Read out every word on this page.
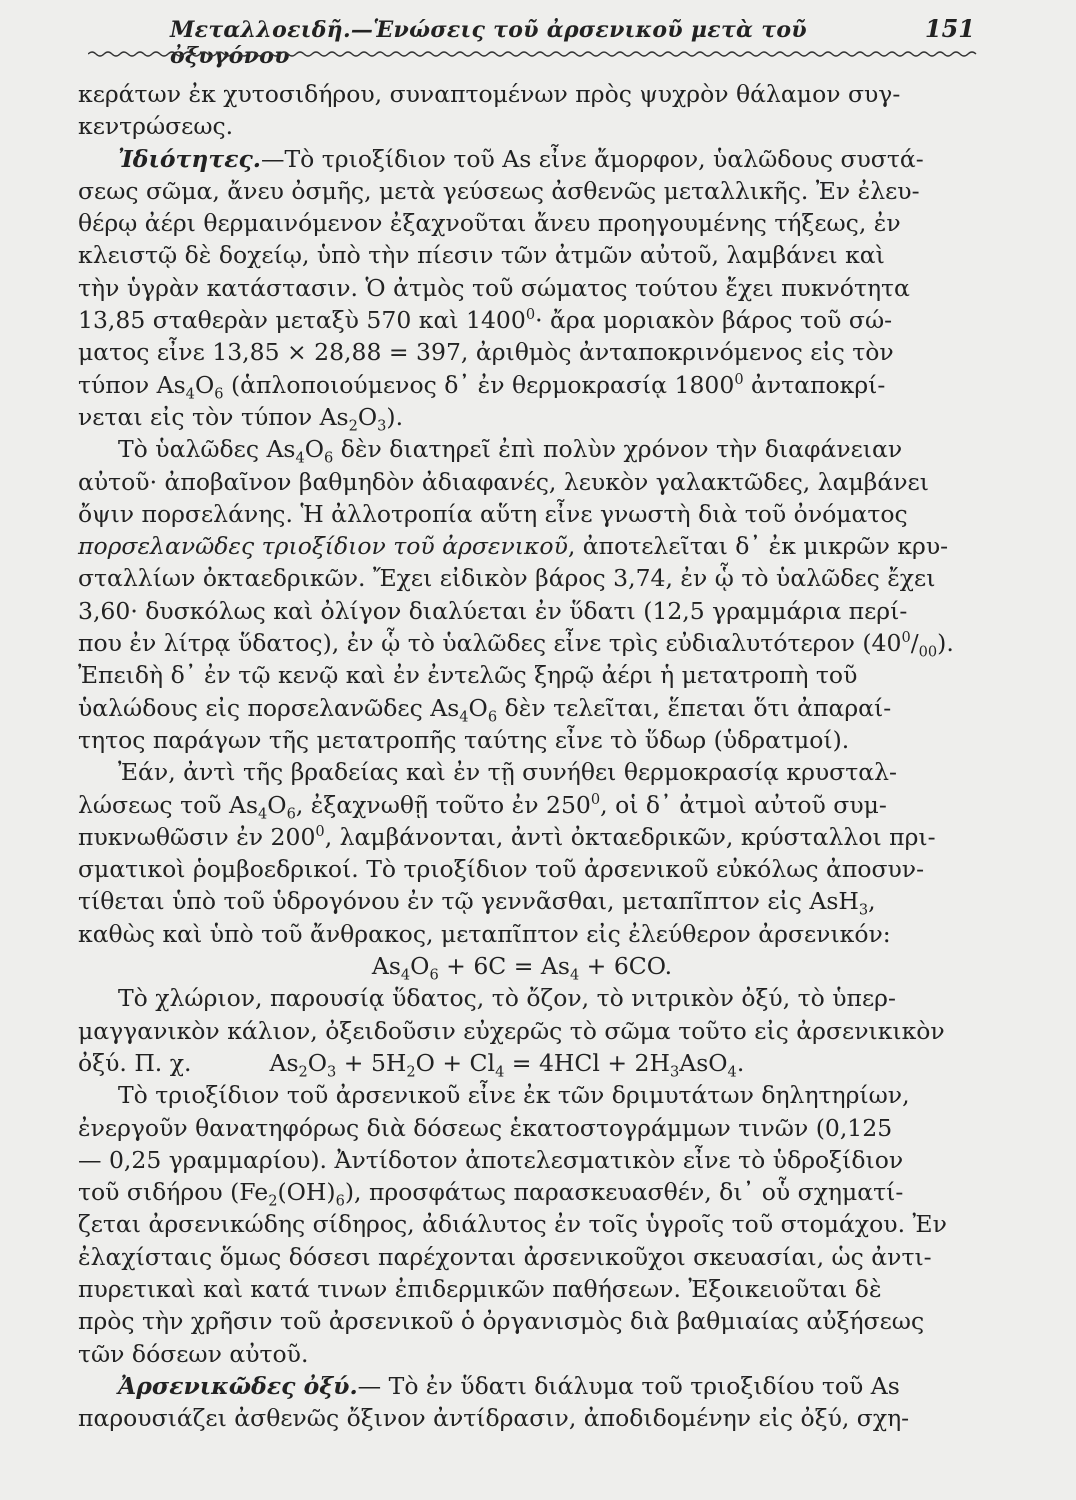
Μεταλλοειδῆ.—Ἑνώσεις τοῦ ἀρσενικοῦ μετὰ τοῦ ὀξυγόνου
151
κεράτων ἐκ χυτοσιδήρου, συναπτομένων πρὸς ψυχρὸν θάλαμον συγ-
κεντρώσεως.
Ἰδιότητες.—Τὸ τριοξίδιον τοῦ As εἶνε ἄμορφον, ὑαλῶδους συστά-
σεως σῶμα, ἄνευ ὀσμῆς, μετὰ γεύσεως ἀσθενῶς μεταλλικῆς. Ἐν ἐλευ-
θέρῳ ἀέρι θερμαινόμενον ἐξαχνοῦται ἄνευ προηγουμένης τήξεως, ἐν
κλειστῷ δὲ δοχείῳ, ὑπὸ τὴν πίεσιν τῶν ἀτμῶν αὐτοῦ, λαμβάνει καὶ
τὴν ὑγρὰν κατάστασιν. Ὁ ἀτμὸς τοῦ σώματος τούτου ἔχει πυκνότητα
13,85 σταθερὰν μεταξὺ 570 καὶ $1400^0\cdot$ ἄρα μοριακὸν βάρος τοῦ σώ-
ματος εἶνε 13,85 × 28,88 = 397, ἀριθμὸς ἀνταποκρινόμενος εἰς τὸν
τύπον $As_4O_6$ (ἁπλοποιούμενος δ᾽ ἐν θερμοκρασίᾳ 1800$^0$ ἀνταποκρί-
νεται εἰς τὸν τύπον $As_2O_3$).
Τὸ ὑαλῶδες $As_4O_6$ δὲν διατηρεῖ ἐπὶ πολὺν χρόνον τὴν διαφάνειαν
αὐτοῦ· ἀποβαῖνον βαθμηδὸν ἀδιαφανές, λευκὸν γαλακτῶδες, λαμβάνει
ὄψιν πορσελάνης. Ἡ ἀλλοτροπία αὕτη εἶνε γνωστὴ διὰ τοῦ ὀνόματος
πορσελανῶδες τριοξίδιον τοῦ ἀρσενικοῦ, ἀποτελεῖται δ᾽ ἐκ μικρῶν κρυ-
σταλλίων ὀκταεδρικῶν. Ἔχει εἰδικὸν βάρος 3,74, ἐν ᾧ τὸ ὑαλῶδες ἔχει
3,60· δυσκόλως καὶ ὀλίγον διαλύεται ἐν ὕδατι (12,5 γραμμάρια περί-
που ἐν λίτρᾳ ὕδατος), ἐν ᾧ τὸ ὑαλῶδες εἶνε τρὶς εὐδιαλυτότερον $(40^0/_{00})$.
Ἐπειδὴ δ᾽ ἐν τῷ κενῷ καὶ ἐν ἐντελῶς ξηρῷ ἀέρι ἡ μετατροπὴ τοῦ
ὑαλώδους εἰς πορσελανῶδες $As_4O_6$ δὲν τελεῖται, ἕπεται ὅτι ἀπαραί-
τητος παράγων τῆς μετατροπῆς ταύτης εἶνε τὸ ὕδωρ (ὑδρατμοί).
Ἐάν, ἀντὶ τῆς βραδείας καὶ ἐν τῇ συνήθει θερμοκρασίᾳ κρυσταλ-
λώσεως τοῦ $As_4O_6$, ἐξαχνωθῇ τοῦτο ἐν $250^0$, οἱ δ᾽ ἀτμοὶ αὐτοῦ συμ-
πυκνωθῶσιν ἐν $200^0$, λαμβάνονται, ἀντὶ ὀκταεδρικῶν, κρύσταλλοι πρι-
σματικοὶ ῥομβοεδρικοί. Τὸ τριοξίδιον τοῦ ἀρσενικοῦ εὐκόλως ἀποσυν-
τίθεται ὑπὸ τοῦ ὑδρογόνου ἐν τῷ γεννᾶσθαι, μεταπῖπτον εἰς AsH$_3$,
καθὼς καὶ ὑπὸ τοῦ ἄνθρακος, μεταπῖπτον εἰς ἐλεύθερον ἀρσενικόν:
$As_4O_6 + 6C = As_4 + 6CO$.
Τὸ χλώριον, παρουσίᾳ ὕδατος, τὸ ὄζον, τὸ νιτρικὸν ὀξύ, τὸ ὑπερ-
μαγγανικὸν κάλιον, ὀξειδοῦσιν εὐχερῶς τὸ σῶμα τοῦτο εἰς ἀρσενικικὸν
ὀξύ. Π. χ.	$As_2O_3 + 5H_2O + Cl_4 = 4HCl + 2H_3AsO_4$.
Τὸ τριοξίδιον τοῦ ἀρσενικοῦ εἶνε ἐκ τῶν δριμυτάτων δηλητηρίων,
ἐνεργοῦν θανατηφόρως διὰ δόσεως ἑκατοστογράμμων τινῶν (0,125
— 0,25 γραμμαρίου). Ἀντίδοτον ἀποτελεσματικὸν εἶνε τὸ ὑδροξίδιον
τοῦ σιδήρου $(Fe_2(OH)_6)$, προσφάτως παρασκευασθέν, δι᾽ οὗ σχηματί-
ζεται ἀρσενικώδης σίδηρος, ἀδιάλυτος ἐν τοῖς ὑγροῖς τοῦ στομάχου. Ἐν
ἐλαχίσταις ὅμως δόσεσι παρέχονται ἀρσενικοῦχοι σκευασίαι, ὡς ἀντι-
πυρετικαὶ καὶ κατά τινων ἐπιδερμικῶν παθήσεων. Ἐξοικειοῦται δὲ
πρὸς τὴν χρῆσιν τοῦ ἀρσενικοῦ ὁ ὀργανισμὸς διὰ βαθμιαίας αὐξήσεως
τῶν δόσεων αὐτοῦ.
Ἀρσενικῶδες ὀξύ.— Τὸ ἐν ὕδατι διάλυμα τοῦ τριοξιδίου τοῦ As
παρουσιάζει ἀσθενῶς ὄξινον ἀντίδρασιν, ἀποδιδομένην εἰς ὀξύ, σχη-
